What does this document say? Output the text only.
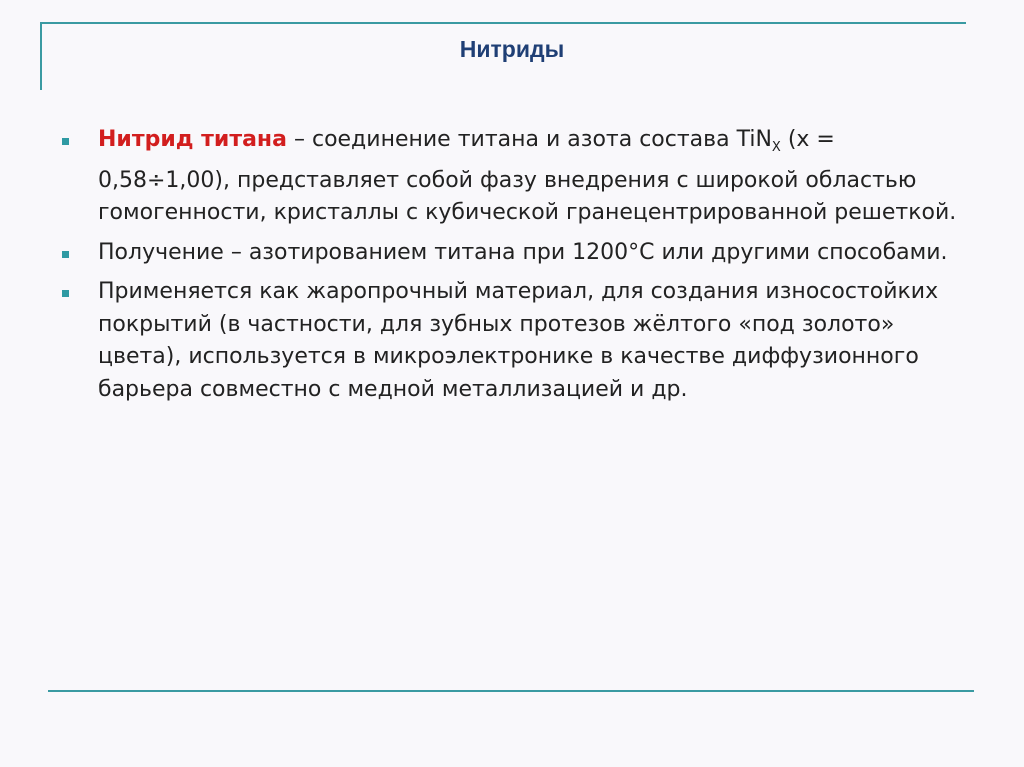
Нитриды
Нитрид титана – соединение титана и азота состава TiN$_X$ (x = 0,58÷1,00), представляет собой фазу внедрения с широкой областью гомогенности, кристаллы с кубической гранецентрированной решеткой.
Получение – азотированием титана при 1200°С или другими способами.
Применяется как жаропрочный материал, для создания износостойких покрытий (в частности, для зубных протезов жёлтого «под золото» цвета), используется в микроэлектронике в качестве диффузионного барьера совместно с медной металлизацией и др.
